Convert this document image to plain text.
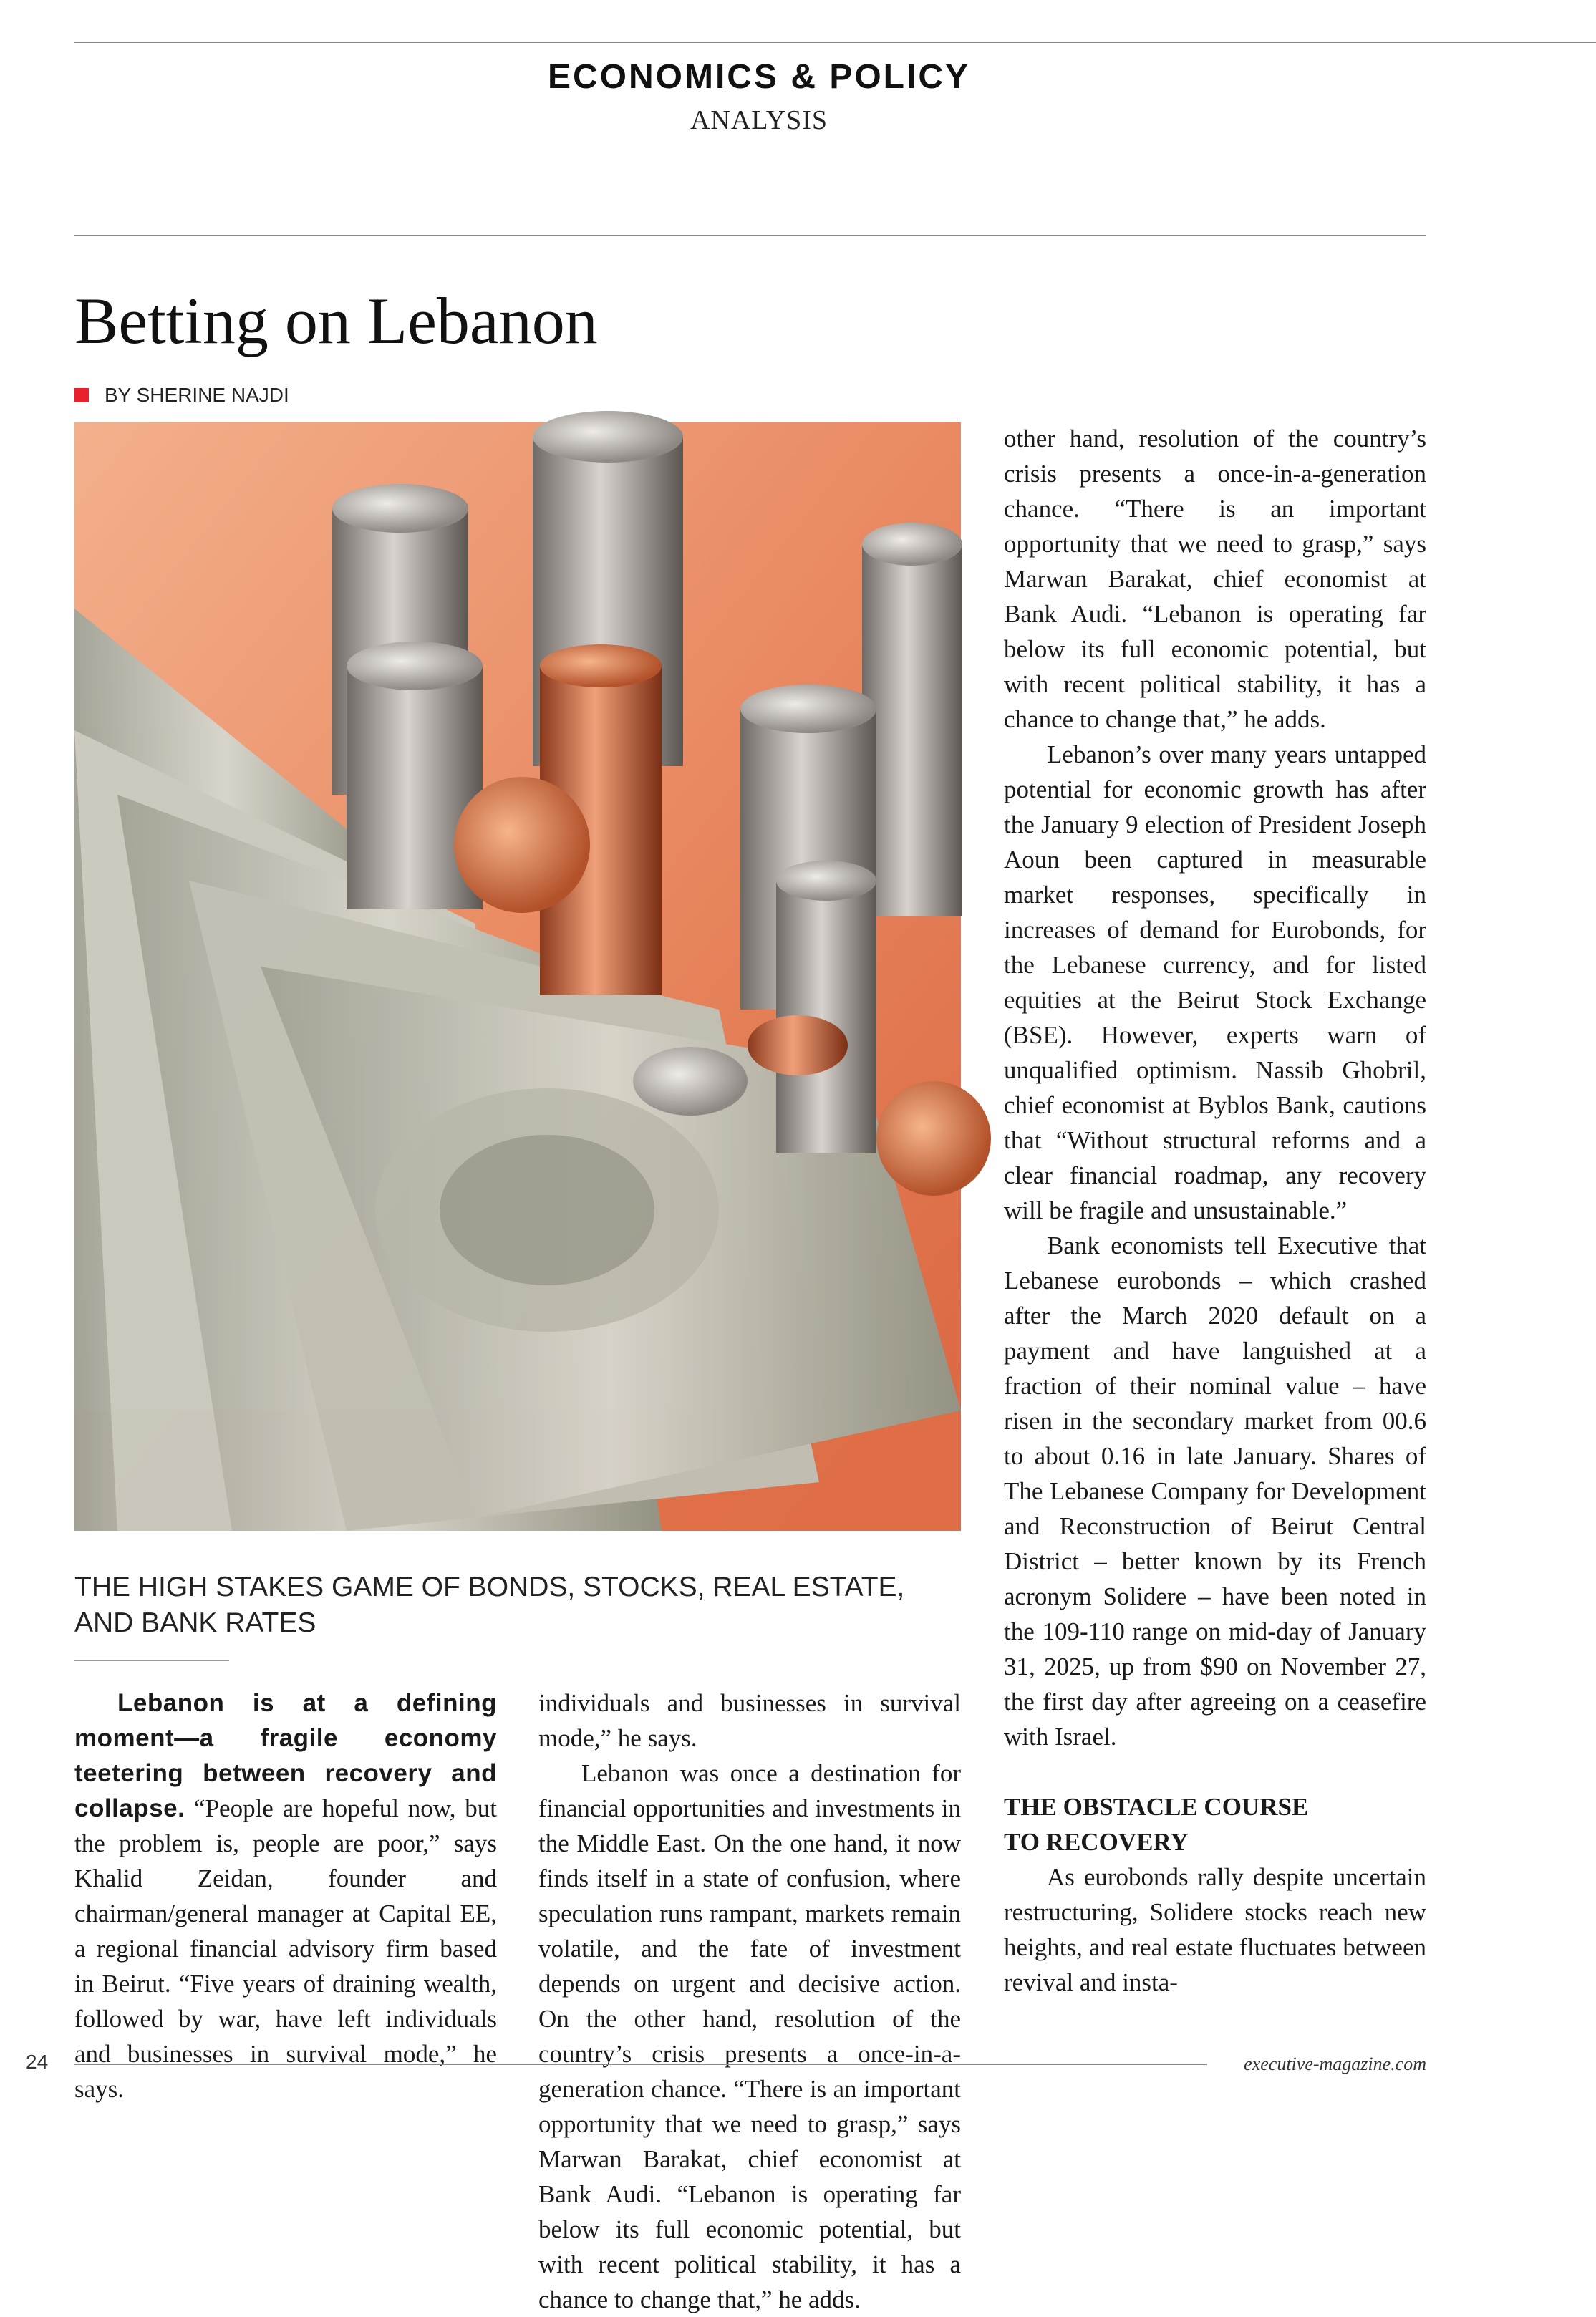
ECONOMICS & POLICY
ANALYSIS
Betting on Lebanon
BY SHERINE NAJDI

THE HIGH STAKES GAME OF BONDS, STOCKS, REAL ESTATE,
AND BANK RATES

Lebanon is at a defining moment—a fragile economy teetering between recovery and collapse. “People are hopeful now, but the problem is, people are poor,” says Khalid Zeidan, founder and chairman/general manager at Capital EE, a regional financial advisory firm based in Beirut. “Five years of draining wealth, followed by war, have left individuals and businesses in survival mode,” he says.

individuals and businesses in survival mode,” he says.

Lebanon was once a destination for financial opportunities and investments in the Middle East. On the one hand, it now finds itself in a state of confusion, where speculation runs rampant, markets remain volatile, and the fate of investment depends on urgent and decisive action. On the other hand, resolution of the country’s crisis presents a once-in-a-generation chance. “There is an important opportunity that we need to grasp,” says Marwan Barakat, chief economist at Bank Audi. “Lebanon is operating far below its full economic potential, but with recent political stability, it has a chance to change that,” he adds.

other hand, resolution of the country’s crisis presents a once-in-a-generation chance. “There is an important opportunity that we need to grasp,” says Marwan Barakat, chief economist at Bank Audi. “Lebanon is operating far below its full economic potential, but with recent political stability, it has a chance to change that,” he adds.

Lebanon’s over many years untapped potential for economic growth has after the January 9 election of President Joseph Aoun been captured in measurable market responses, specifically in increases of demand for Eurobonds, for the Lebanese currency, and for listed equities at the Beirut Stock Exchange (BSE). However, experts warn of unqualified optimism. Nassib Ghobril, chief economist at Byblos Bank, cautions that “Without structural reforms and a clear financial roadmap, any recovery will be fragile and unsustainable.”

Bank economists tell Executive that Lebanese eurobonds – which crashed after the March 2020 default on a payment and have languished at a fraction of their nominal value – have risen in the secondary market from 00.6 to about 0.16 in late January. Shares of The Lebanese Company for Development and Reconstruction of Beirut Central District – better known by its French acronym Solidere – have been noted in the 109-110 range on mid-day of January 31, 2025, up from $90 on November 27, the first day after agreeing on a ceasefire with Israel.

THE OBSTACLE COURSE
TO RECOVERY

As eurobonds rally despite uncertain restructuring, Solidere stocks reach new heights, and real estate fluctuates between revival and insta-

24	executive-magazine.com
